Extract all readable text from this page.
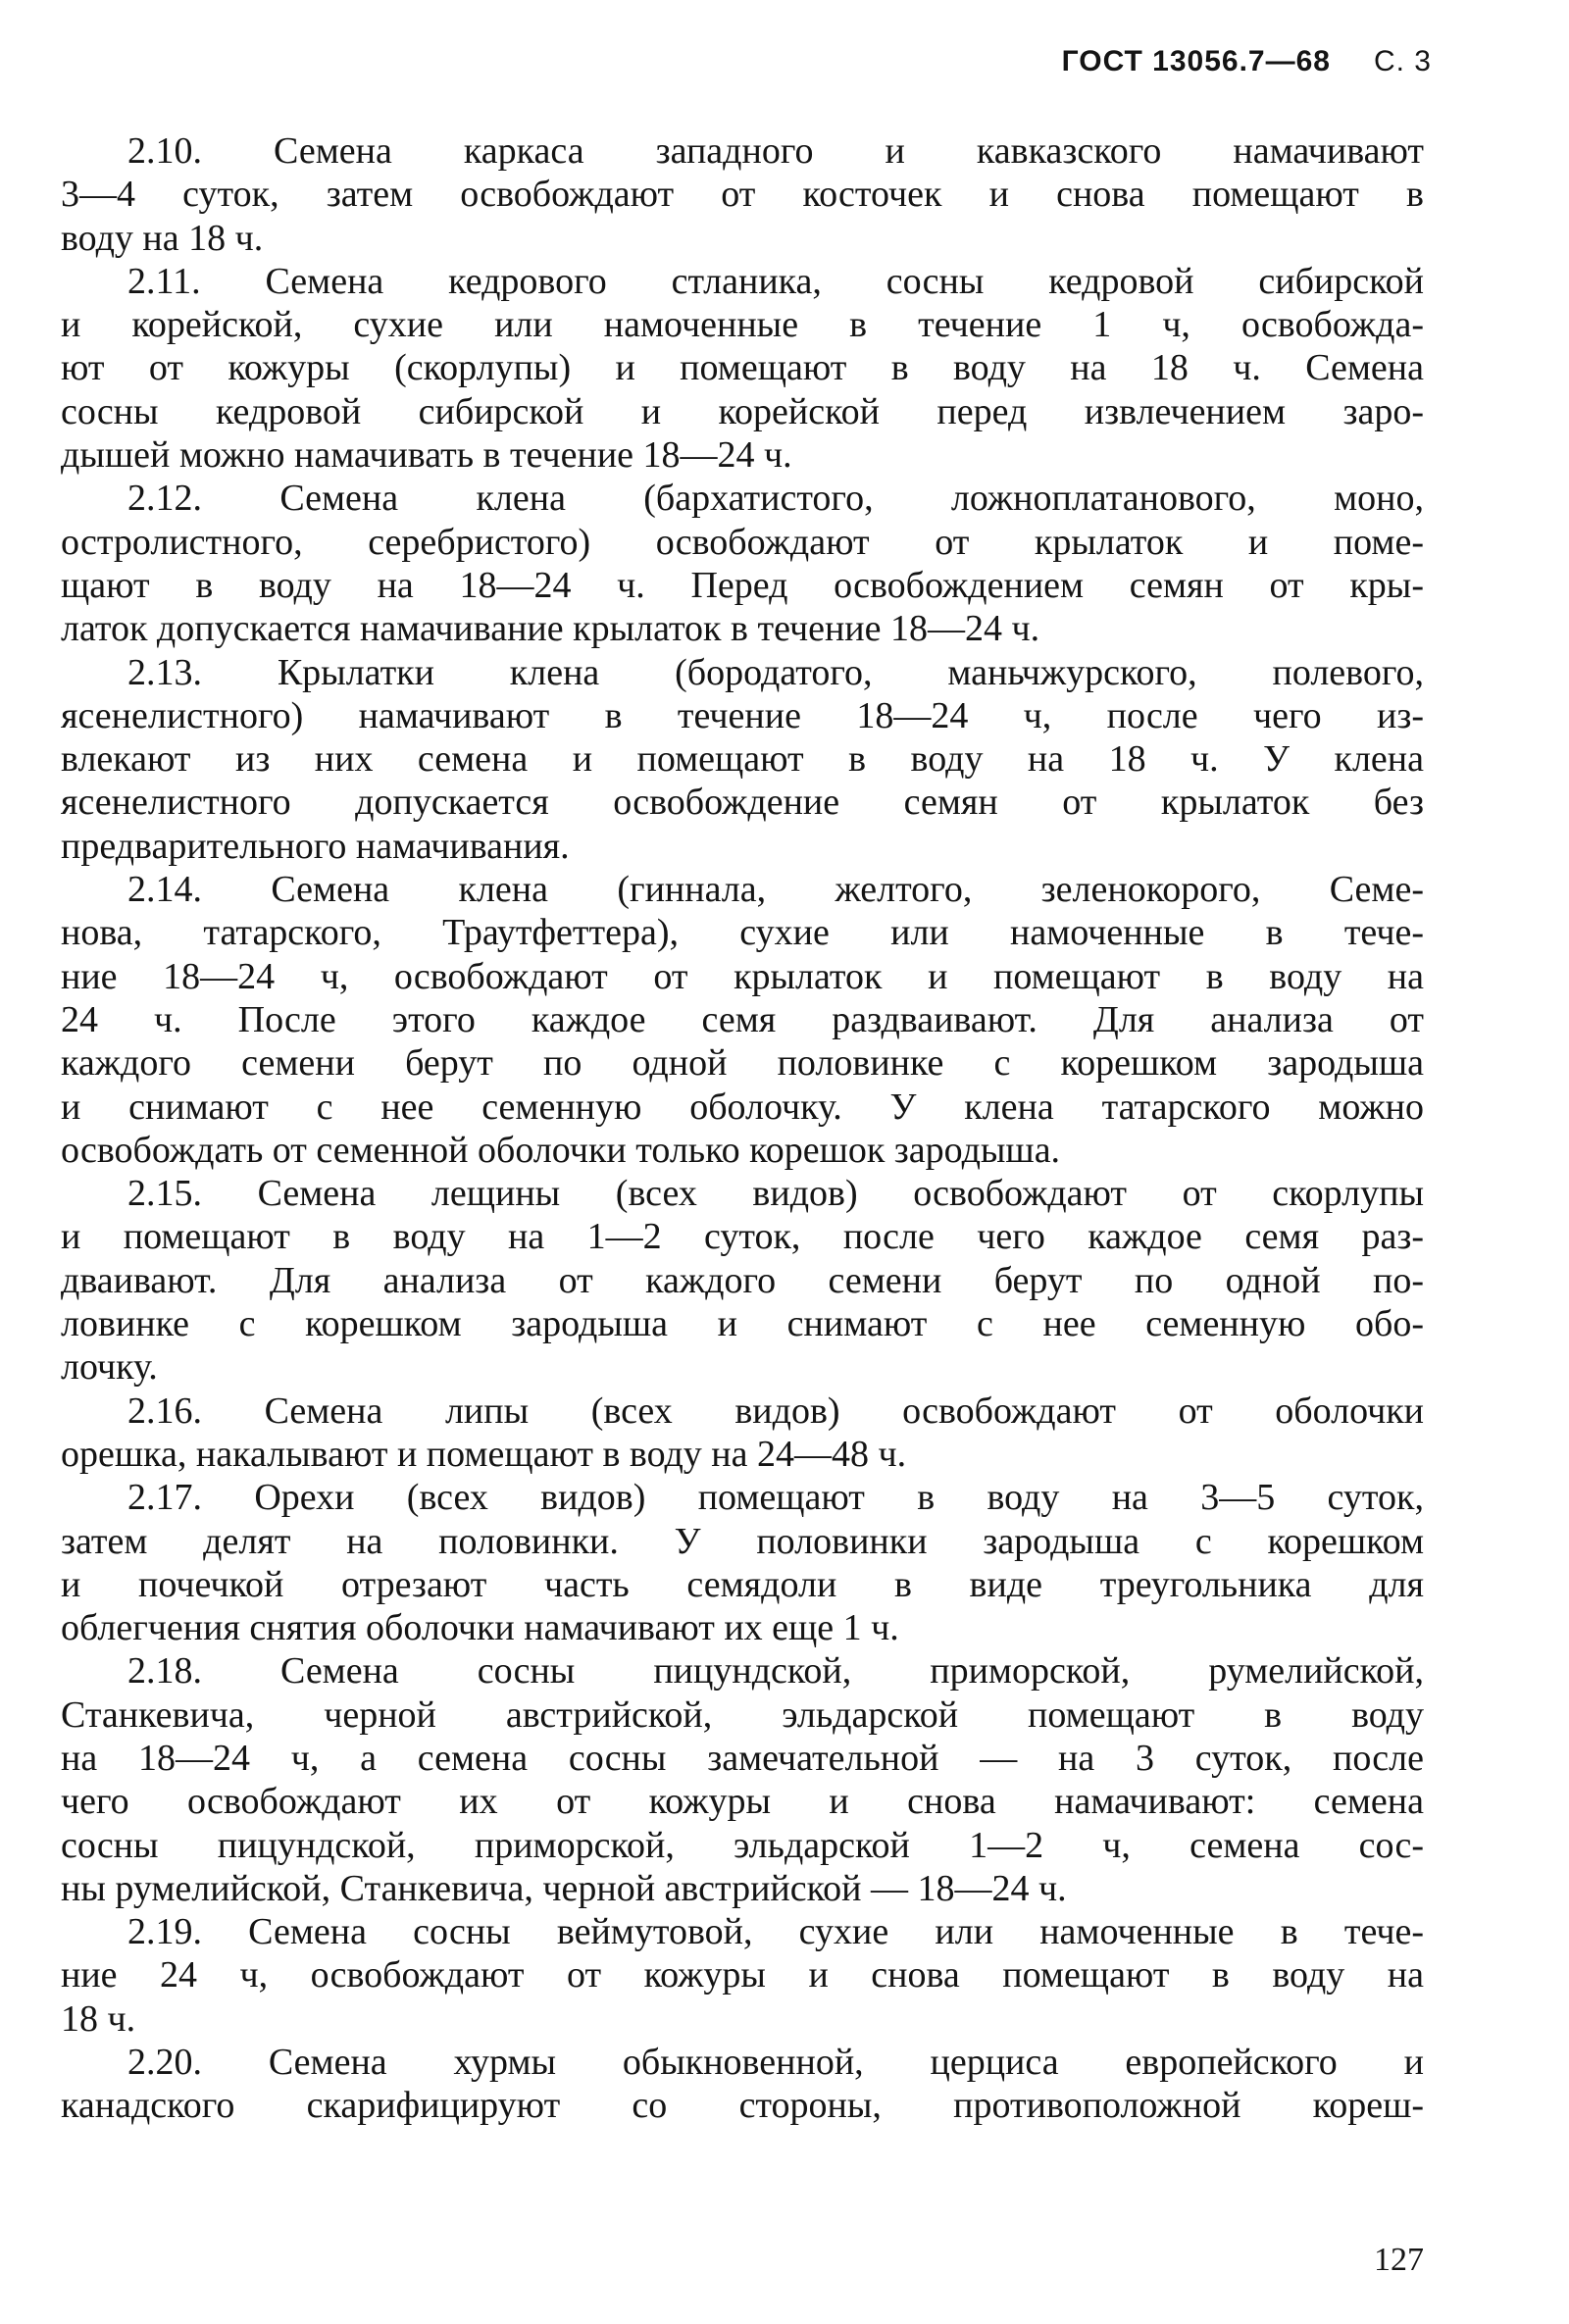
ГОСТ 13056.7—68 С. 3
2.10. Семена каркаса западного и кавказского намачивают
3—4 суток, затем освобождают от косточек и снова помещают в
воду на 18 ч.
2.11. Семена кедрового стланика, сосны кедровой сибирской
и корейской, сухие или намоченные в течение 1 ч, освобожда-
ют от кожуры (скорлупы) и помещают в воду на 18 ч. Семена
сосны кедровой сибирской и корейской перед извлечением заро-
дышей можно намачивать в течение 18—24 ч.
2.12. Семена клена (бархатистого, ложноплатанового, моно,
остролистного, серебристого) освобождают от крылаток и поме-
щают в воду на 18—24 ч. Перед освобождением семян от кры-
латок допускается намачивание крылаток в течение 18—24 ч.
2.13. Крылатки клена (бородатого, маньчжурского, полевого,
ясенелистного) намачивают в течение 18—24 ч, после чего из-
влекают из них семена и помещают в воду на 18 ч. У клена
ясенелистного допускается освобождение семян от крылаток без
предварительного намачивания.
2.14. Семена клена (гиннала, желтого, зеленокорого, Семе-
нова, татарского, Траутфеттера), сухие или намоченные в тече-
ние 18—24 ч, освобождают от крылаток и помещают в воду на
24 ч. После этого каждое семя раздваивают. Для анализа от
каждого семени берут по одной половинке с корешком зародыша
и снимают с нее семенную оболочку. У клена татарского можно
освобождать от семенной оболочки только корешок зародыша.
2.15. Семена лещины (всех видов) освобождают от скорлупы
и помещают в воду на 1—2 суток, после чего каждое семя раз-
дваивают. Для анализа от каждого семени берут по одной по-
ловинке с корешком зародыша и снимают с нее семенную обо-
лочку.
2.16. Семена липы (всех видов) освобождают от оболочки
орешка, накалывают и помещают в воду на 24—48 ч.
2.17. Орехи (всех видов) помещают в воду на 3—5 суток,
затем делят на половинки. У половинки зародыша с корешком
и почечкой отрезают часть семядоли в виде треугольника для
облегчения снятия оболочки намачивают их еще 1 ч.
2.18. Семена сосны пицундской, приморской, румелийской,
Станкевича, черной австрийской, эльдарской помещают в воду
на 18—24 ч, а семена сосны замечательной — на 3 суток, после
чего освобождают их от кожуры и снова намачивают: семена
сосны пицундской, приморской, эльдарской 1—2 ч, семена сос-
ны румелийской, Станкевича, черной австрийской — 18—24 ч.
2.19. Семена сосны веймутовой, сухие или намоченные в тече-
ние 24 ч, освобождают от кожуры и снова помещают в воду на
18 ч.
2.20. Семена хурмы обыкновенной, церциса европейского и
канадского скарифицируют со стороны, противоположной кореш-
127
